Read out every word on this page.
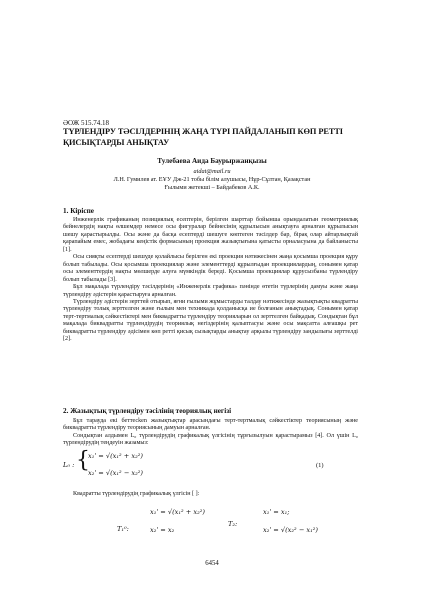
ӘОЖ 515.74.18
ТҮРЛЕНДІРУ ТӘСІЛДЕРІНІҢ ЖАҢА ТҮРІ ПАЙДАЛАНЫП КӨП РЕТТІ ҚИСЫҚТАРДЫ АНЫҚТАУ
Тулебаева Аида Баурыржанқызы
aidat@mail.ru
Л.Н. Гумилев ат. ЕҰУ Дж-21 тобы білім алушысы, Нұр-Сұлтан, Қазақстан
Ғылыми жетекші – Байдабеков А.К.
1. Кіріспе

Инженерлік графиканың позициялық есептерін, берілген шарттар бойынша орындалатын геометриялық бейнелердің нақты өлшемдер немесе осы фигуралар бейнесінің құрылысын анықтауға арналған құрылысын шешу қарастырылды. Осы және да басқа есептерді шешуге көптеген тәсілдер бар, бірақ олар айтарлықтай қарапайым емес, жобадағы кеңістік формасының проекция жазықтығына қатысты орналасуына да байланысты [1].

Осы сияқты есептерді шешуде қолайлысы берілген екі проекция нәтижесінен жаңа қосымша проекция құру болып табылады. Осы қосымша проекциялар және элементтерді құрылғыдан проекциялардың, сонымен қатар осы элементтердің нақты мөлшерде алуға мүмкіндік береді. Қосымша проекциялар құрусызбаны түрлендіру болып табылады [3].

Бұл мақалада түрлендіру тәсілдерінің «Инженерлік графика» пәнінде өтетін түрлерінің дамуы және жаңа түрлендіру әдістерін қарастыруға арналған.

Түрлендіру әдістерін зерттей отырып, яғни ғылыми жұмыстарды талдау нәтижесінде жазықтықты квадратты түрлендіру толық зерттелген және ғылым мен техникада қолданысқа ие болғанын анықтадық. Сонымен қатар терт-тертмалық сәйкестіктері мен биквадратты түрлендіру теорияларын ол зерттелген байқадық. Сондықтан бұл мақалада биквадратты түрлендірудің теориялық негіздерінің қалыптасуы және осы мақсатта алғашқы рет биквадратты түрлендіру әдісімен көп ретті қисық сызықтарды анықтау арқылы түрлендіру зандылығы зерттелді [2].

2. Жазықтық түрлендіру тәсілінің теориялық негізі

Бұл тарауда екі беттесken жазықтықтар арасындағы терт-тертмалық сәйкестіктер теориясының және биквадратты түрлендіру теориясының дамуын арналған.

Сондықтан алдымен L₀ түрлендірудің графикалық үлгісінің тұрғызылуын қарастырамыз [4]. Ол үшін L₀ түрлендірудің теңдеуін жазамыз:

L₀ : {
x₁' = √(x₁² + x₂²)
x₂' = √(x₁² − x₂²)
(1)

Квадратты түрлендірудің графикалық үлгісін [ ]:

T₁⁰:
x₁' = √(x₁² + x₂²)
x₂' = x₂
T₂:
x₁' = x₁;
x₂' = √(x₂² − x₁²)
6454
